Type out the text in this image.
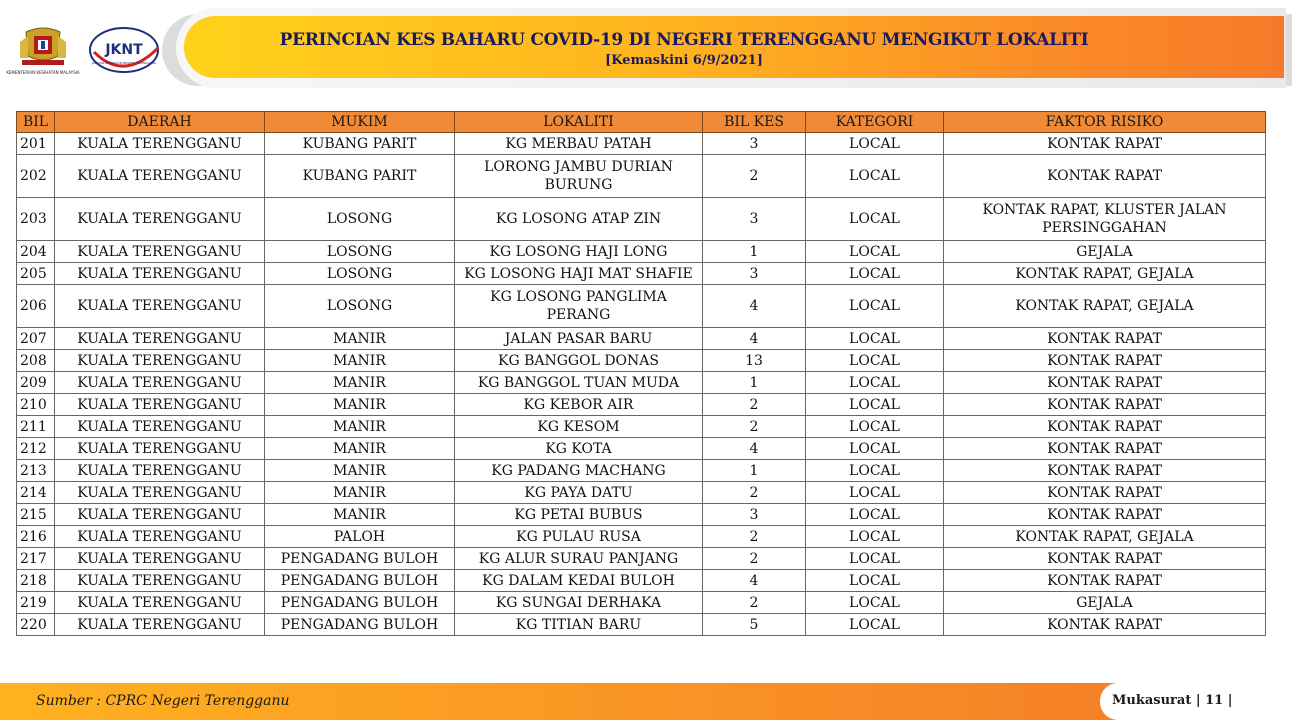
KEMENTERIAN KESIHATAN MALAYSIA
JKNT
JABATAN KESIHATAN NEGERI TERENGGANU
PERINCIAN KES BAHARU COVID-19 DI NEGERI TERENGGANU MENGIKUT LOKALITI
[Kemaskini 6/9/2021]
BIL	DAERAH	MUKIM	LOKALITI	BIL KES	KATEGORI	FAKTOR RISIKO
201	KUALA TERENGGANU	KUBANG PARIT	KG MERBAU PATAH	3	LOCAL	KONTAK RAPAT
202	KUALA TERENGGANU	KUBANG PARIT	LORONG JAMBU DURIAN BURUNG	2	LOCAL	KONTAK RAPAT
203	KUALA TERENGGANU	LOSONG	KG LOSONG ATAP ZIN	3	LOCAL	KONTAK RAPAT, KLUSTER JALAN PERSINGGAHAN
204	KUALA TERENGGANU	LOSONG	KG LOSONG HAJI LONG	1	LOCAL	GEJALA
205	KUALA TERENGGANU	LOSONG	KG LOSONG HAJI MAT SHAFIE	3	LOCAL	KONTAK RAPAT, GEJALA
206	KUALA TERENGGANU	LOSONG	KG LOSONG PANGLIMA PERANG	4	LOCAL	KONTAK RAPAT, GEJALA
207	KUALA TERENGGANU	MANIR	JALAN PASAR BARU	4	LOCAL	KONTAK RAPAT
208	KUALA TERENGGANU	MANIR	KG BANGGOL DONAS	13	LOCAL	KONTAK RAPAT
209	KUALA TERENGGANU	MANIR	KG BANGGOL TUAN MUDA	1	LOCAL	KONTAK RAPAT
210	KUALA TERENGGANU	MANIR	KG KEBOR AIR	2	LOCAL	KONTAK RAPAT
211	KUALA TERENGGANU	MANIR	KG KESOM	2	LOCAL	KONTAK RAPAT
212	KUALA TERENGGANU	MANIR	KG KOTA	4	LOCAL	KONTAK RAPAT
213	KUALA TERENGGANU	MANIR	KG PADANG MACHANG	1	LOCAL	KONTAK RAPAT
214	KUALA TERENGGANU	MANIR	KG PAYA DATU	2	LOCAL	KONTAK RAPAT
215	KUALA TERENGGANU	MANIR	KG PETAI BUBUS	3	LOCAL	KONTAK RAPAT
216	KUALA TERENGGANU	PALOH	KG PULAU RUSA	2	LOCAL	KONTAK RAPAT, GEJALA
217	KUALA TERENGGANU	PENGADANG BULOH	KG ALUR SURAU PANJANG	2	LOCAL	KONTAK RAPAT
218	KUALA TERENGGANU	PENGADANG BULOH	KG DALAM KEDAI BULOH	4	LOCAL	KONTAK RAPAT
219	KUALA TERENGGANU	PENGADANG BULOH	KG SUNGAI DERHAKA	2	LOCAL	GEJALA
220	KUALA TERENGGANU	PENGADANG BULOH	KG TITIAN BARU	5	LOCAL	KONTAK RAPAT
Sumber : CPRC Negeri Terengganu	Mukasurat | 11 |
